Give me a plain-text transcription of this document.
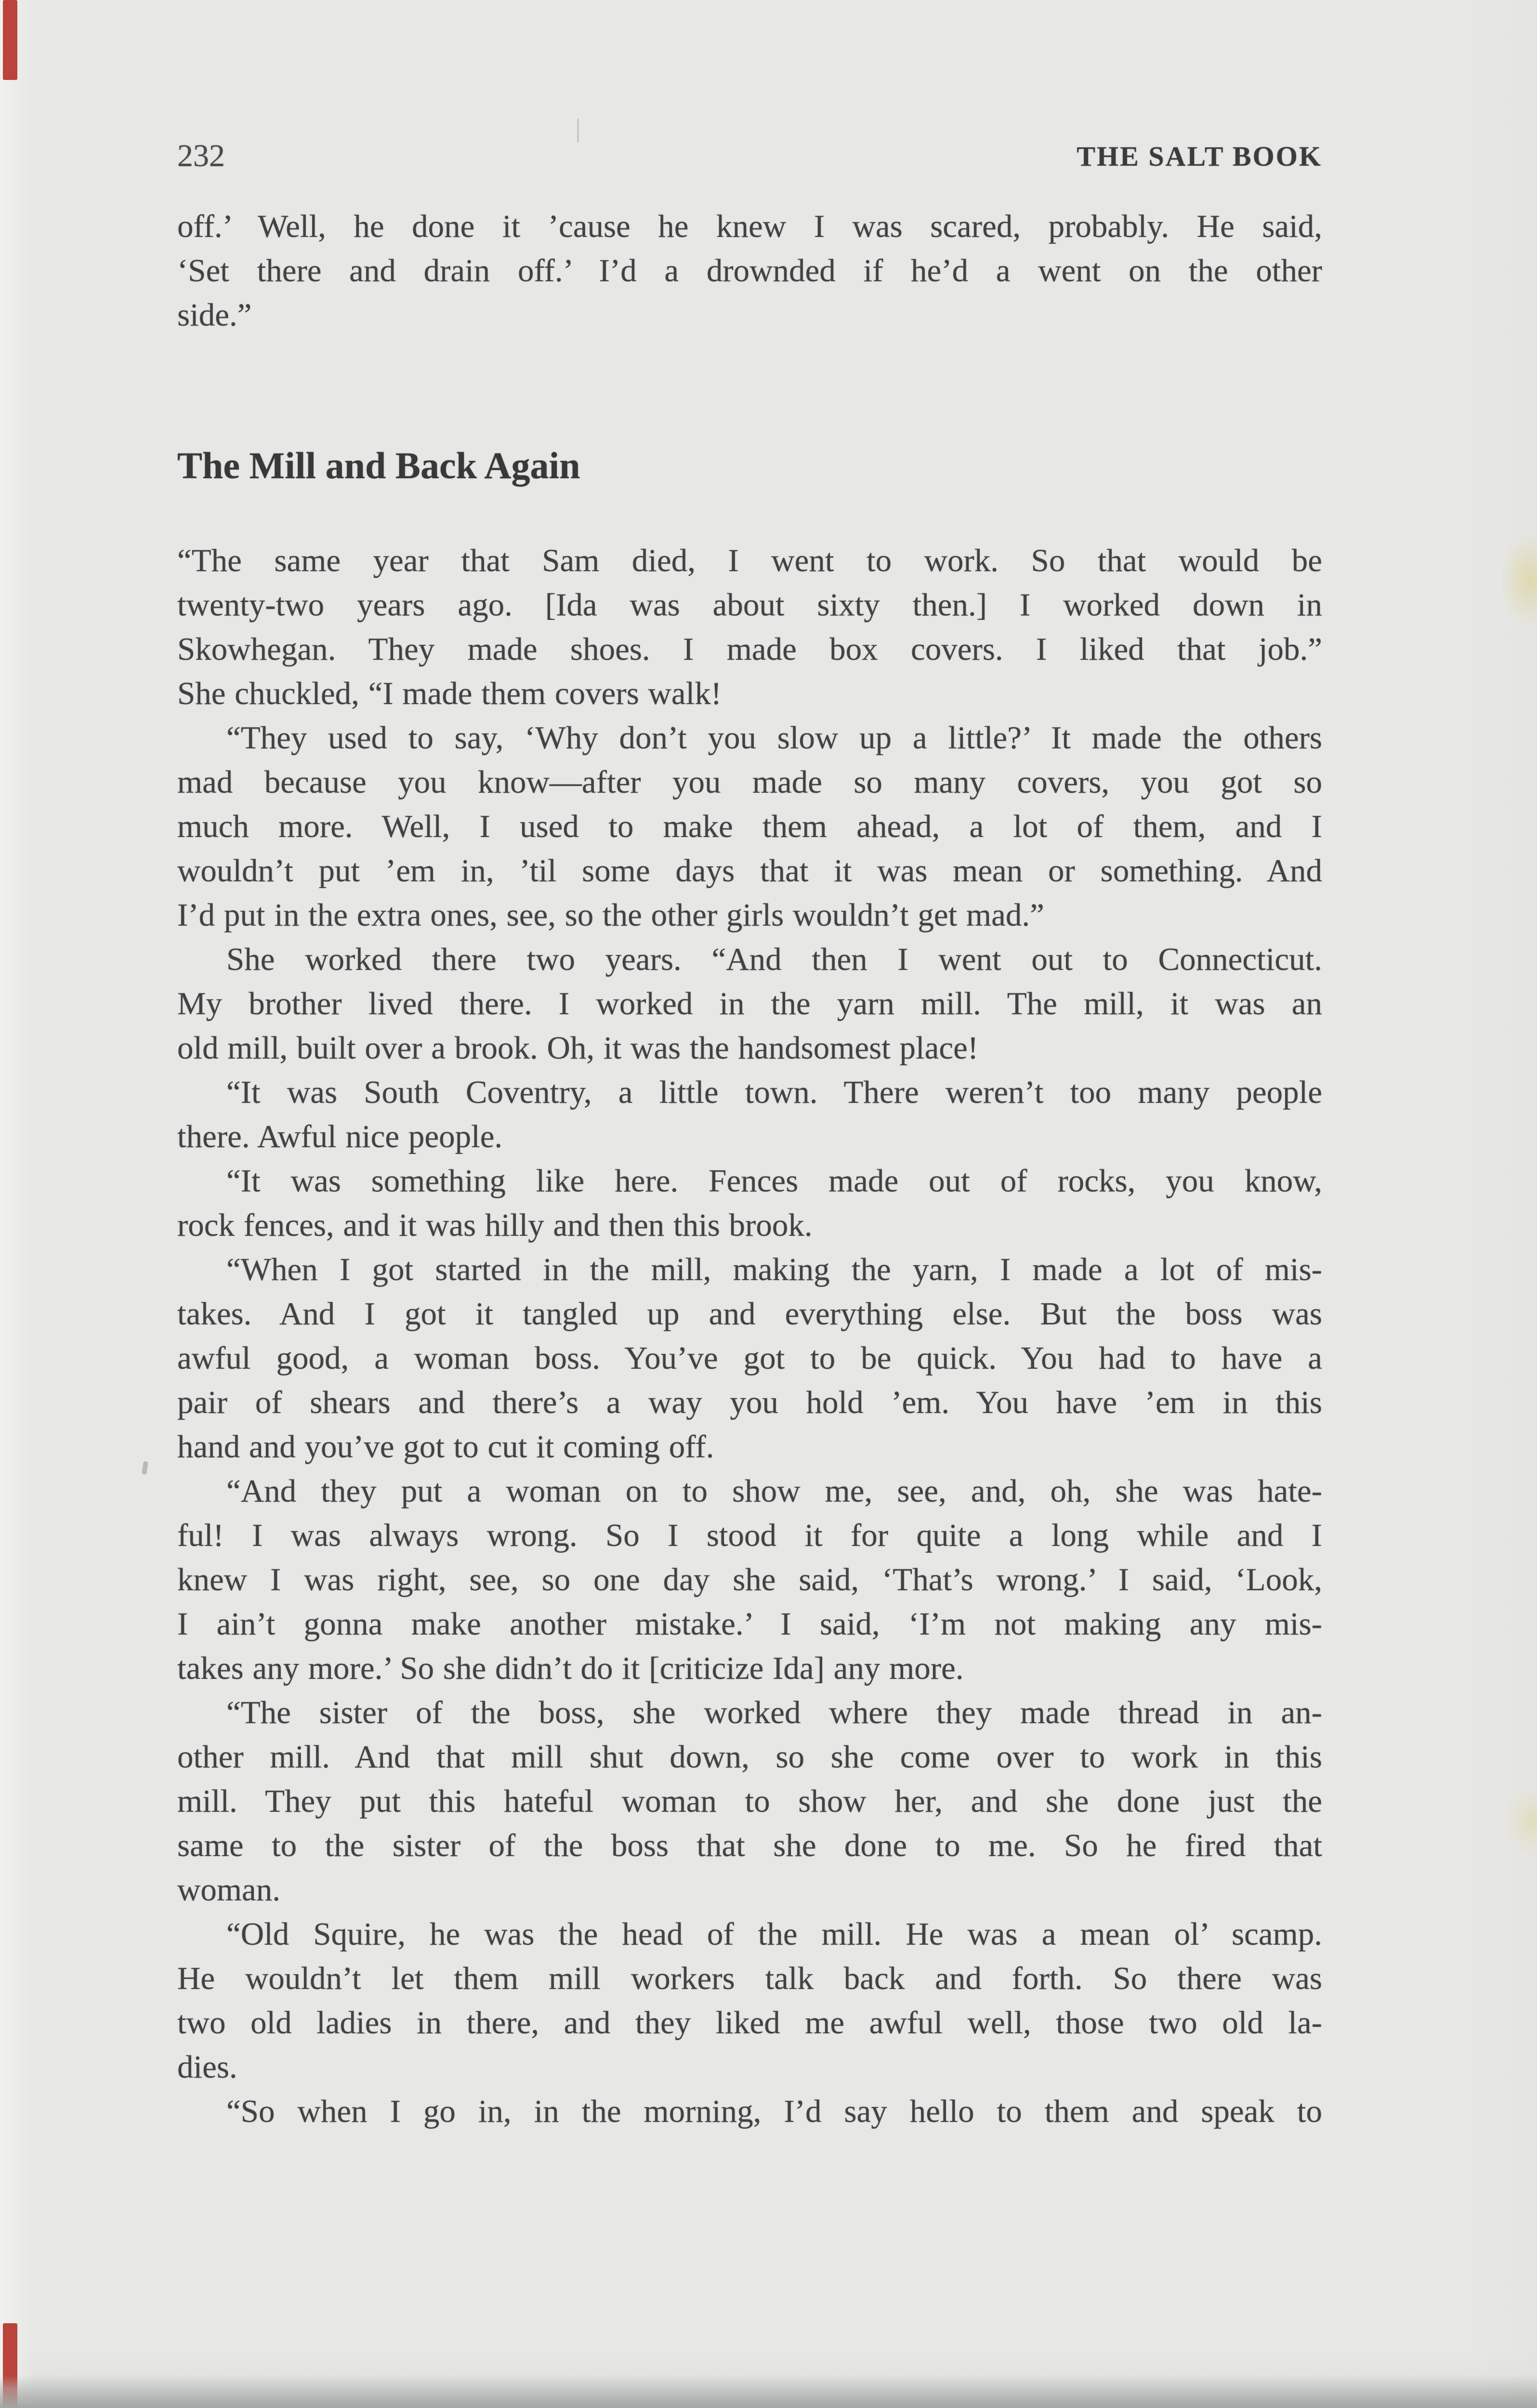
232	THE SALT BOOK
off.’ Well, he done it ’cause he knew I was scared, probably. He said,
‘Set there and drain off.’ I’d a drownded if he’d a went on the other
side.”
The Mill and Back Again
“The same year that Sam died, I went to work. So that would be
twenty-two years ago. [Ida was about sixty then.] I worked down in
Skowhegan. They made shoes. I made box covers. I liked that job.”
She chuckled, “I made them covers walk!
“They used to say, ‘Why don’t you slow up a little?’ It made the others
mad because you know—after you made so many covers, you got so
much more. Well, I used to make them ahead, a lot of them, and I
wouldn’t put ’em in, ’til some days that it was mean or something. And
I’d put in the extra ones, see, so the other girls wouldn’t get mad.”
She worked there two years. “And then I went out to Connecticut.
My brother lived there. I worked in the yarn mill. The mill, it was an
old mill, built over a brook. Oh, it was the handsomest place!
“It was South Coventry, a little town. There weren’t too many people
there. Awful nice people.
“It was something like here. Fences made out of rocks, you know,
rock fences, and it was hilly and then this brook.
“When I got started in the mill, making the yarn, I made a lot of mis-
takes. And I got it tangled up and everything else. But the boss was
awful good, a woman boss. You’ve got to be quick. You had to have a
pair of shears and there’s a way you hold ’em. You have ’em in this
hand and you’ve got to cut it coming off.
“And they put a woman on to show me, see, and, oh, she was hate-
ful! I was always wrong. So I stood it for quite a long while and I
knew I was right, see, so one day she said, ‘That’s wrong.’ I said, ‘Look,
I ain’t gonna make another mistake.’ I said, ‘I’m not making any mis-
takes any more.’ So she didn’t do it [criticize Ida] any more.
“The sister of the boss, she worked where they made thread in an-
other mill. And that mill shut down, so she come over to work in this
mill. They put this hateful woman to show her, and she done just the
same to the sister of the boss that she done to me. So he fired that
woman.
“Old Squire, he was the head of the mill. He was a mean ol’ scamp.
He wouldn’t let them mill workers talk back and forth. So there was
two old ladies in there, and they liked me awful well, those two old la-
dies.
“So when I go in, in the morning, I’d say hello to them and speak to
